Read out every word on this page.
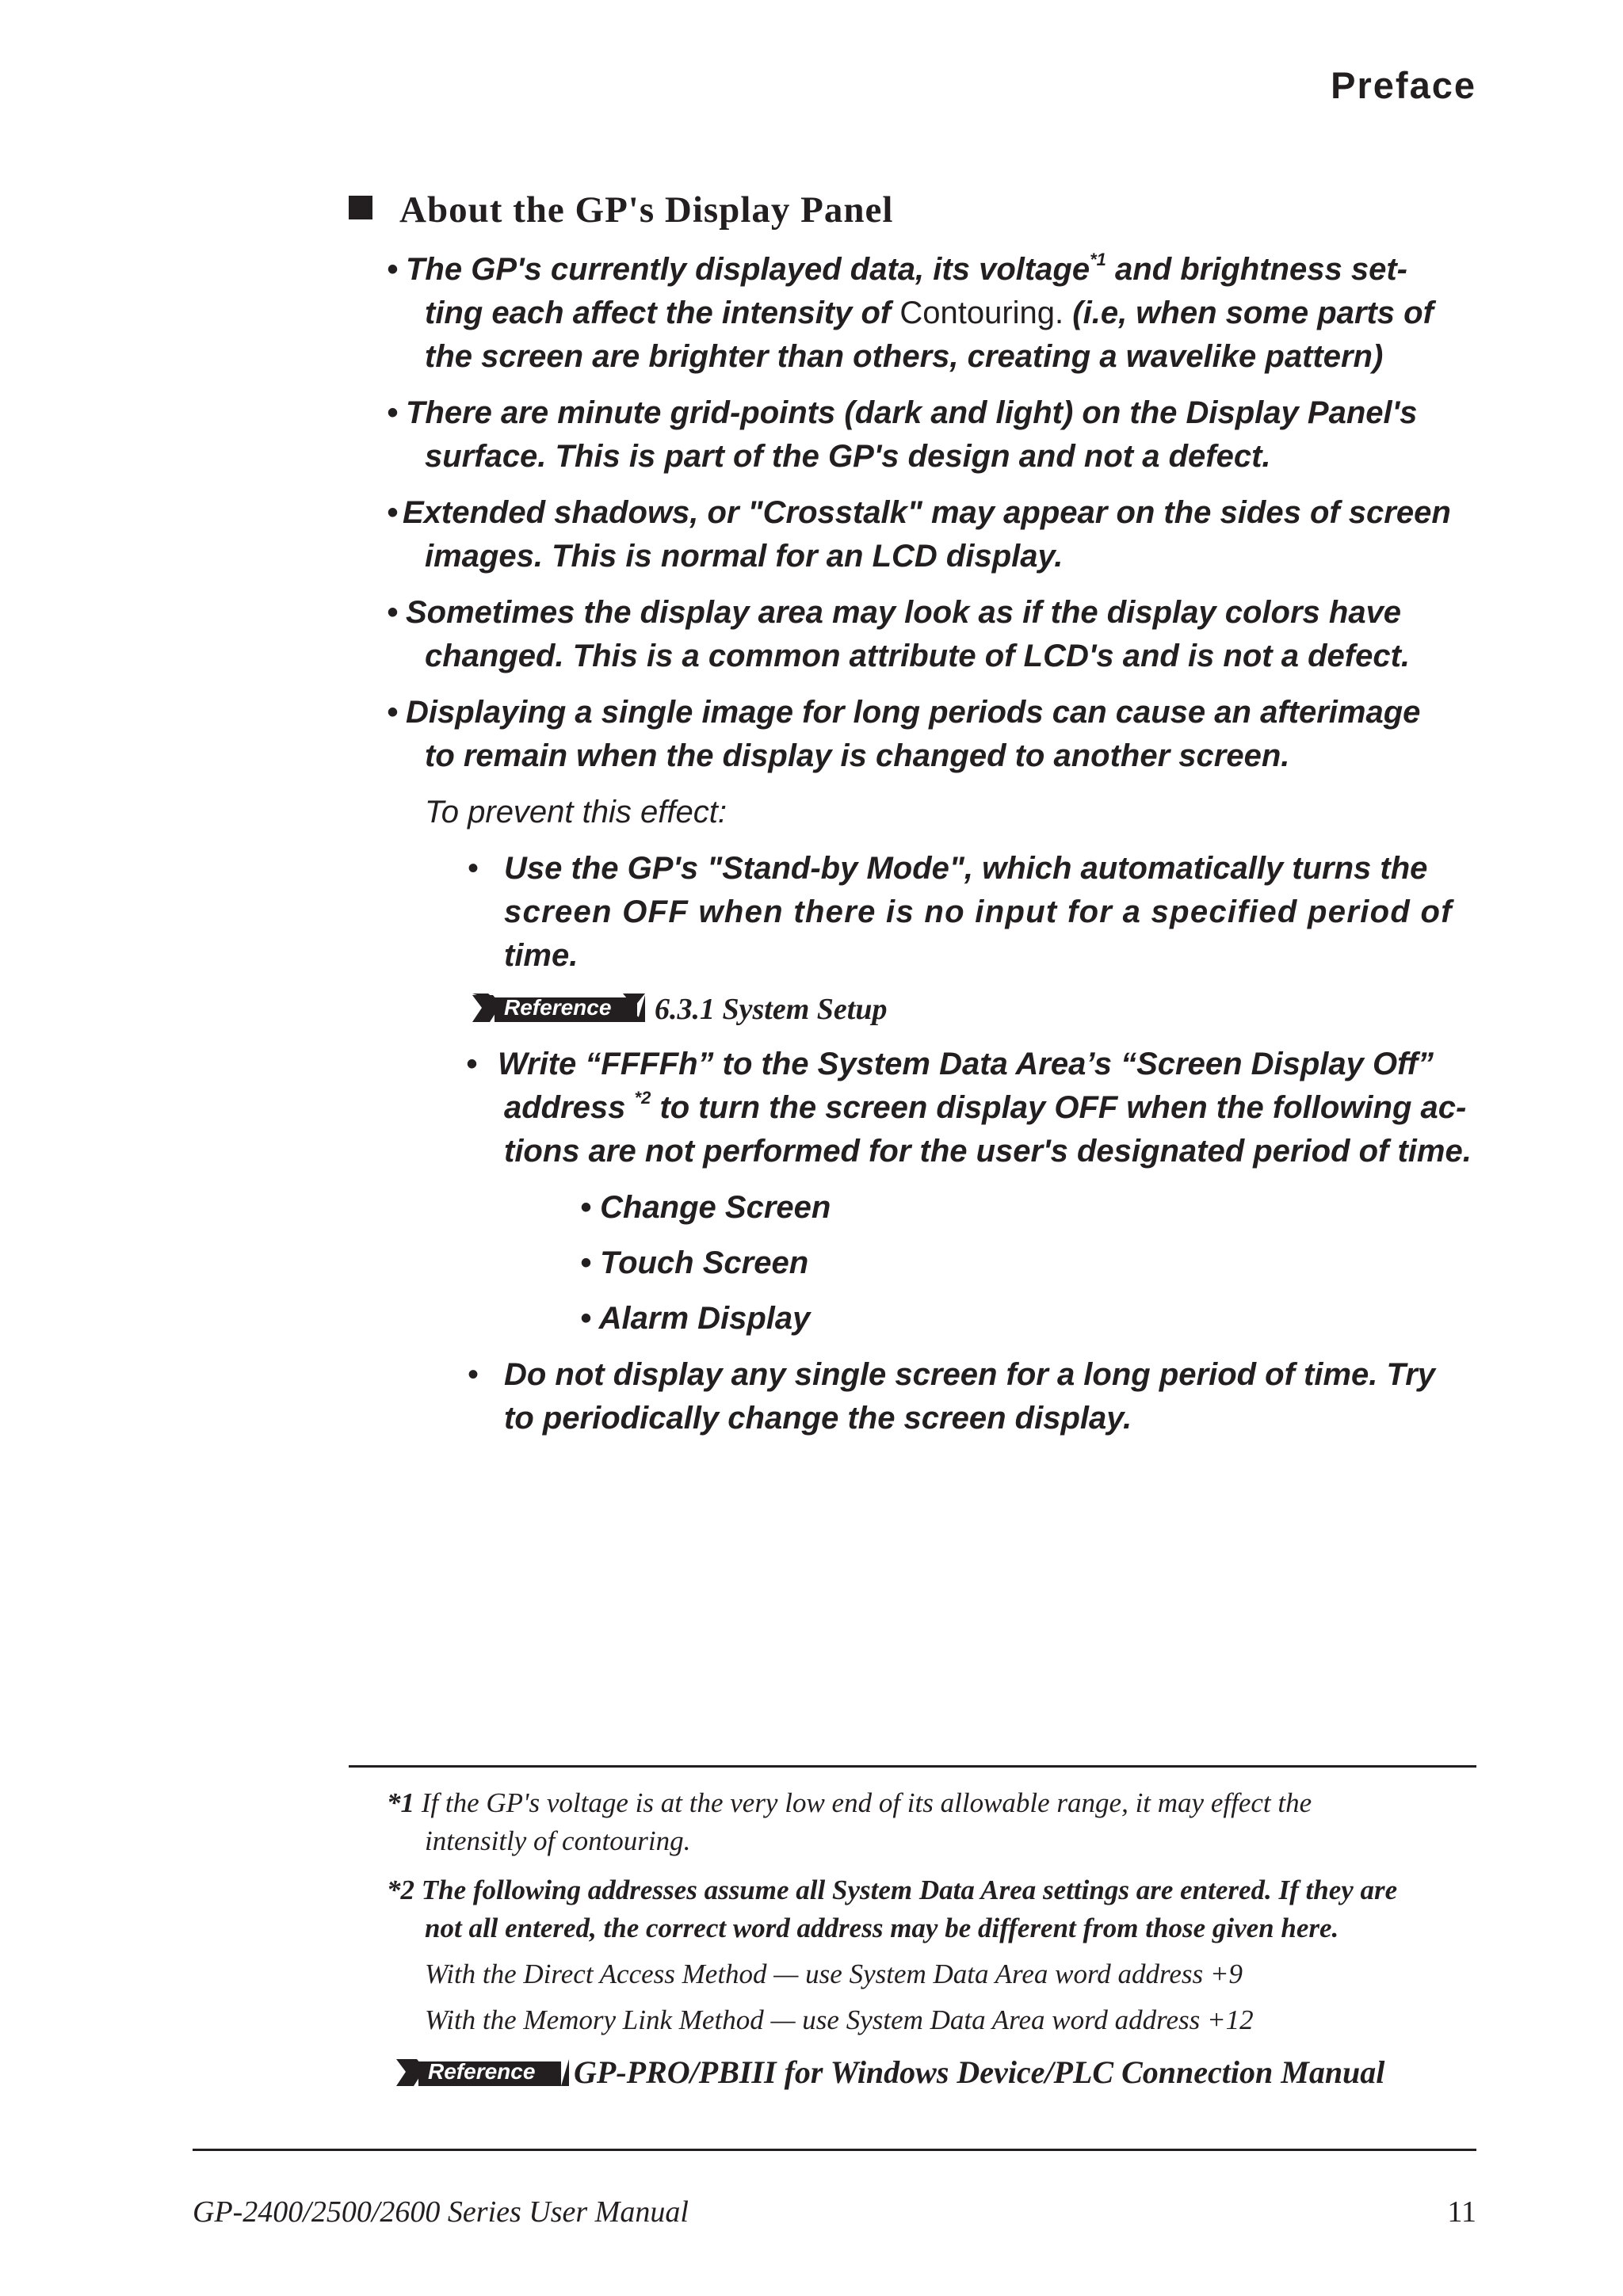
Preface
About the GP's Display Panel
• The GP's currently displayed data, its voltage$^{*1}$ and brightness set-
ting each affect the intensity of Contouring. (i.e, when some parts of
the screen are brighter than others, creating a wavelike pattern)
• There are minute grid-points (dark and light) on the Display Panel's
surface. This is part of the GP's design and not a defect.
• Extended shadows, or "Crosstalk" may appear on the sides of screen
images. This is normal for an LCD display.
• Sometimes the display area may look as if the display colors have
changed. This is a common attribute of LCD's and is not a defect.
• Displaying a single image for long periods can cause an afterimage
to remain when the display is changed to another screen.
To prevent this effect:
• Use the GP's "Stand-by Mode", which automatically turns the
screen OFF when there is no input for a specified period of
time.
Reference 6.3.1 System Setup
• Write “FFFFh” to the System Data Area’s “Screen Display Off”
address $^{*2}$ to turn the screen display OFF when the following ac-
tions are not performed for the user's designated period of time.
• Change Screen
• Touch Screen
• Alarm Display
• Do not display any single screen for a long period of time. Try
to periodically change the screen display.
*1 If the GP's voltage is at the very low end of its allowable range, it may effect the
intensitly of contouring.
*2 The following addresses assume all System Data Area settings are entered. If they are
not all entered, the correct word address may be different from those given here.
With the Direct Access Method — use System Data Area word address +9
With the Memory Link Method — use System Data Area word address +12
Reference GP-PRO/PBIII for Windows Device/PLC Connection Manual
GP-2400/2500/2600 Series User Manual	11
